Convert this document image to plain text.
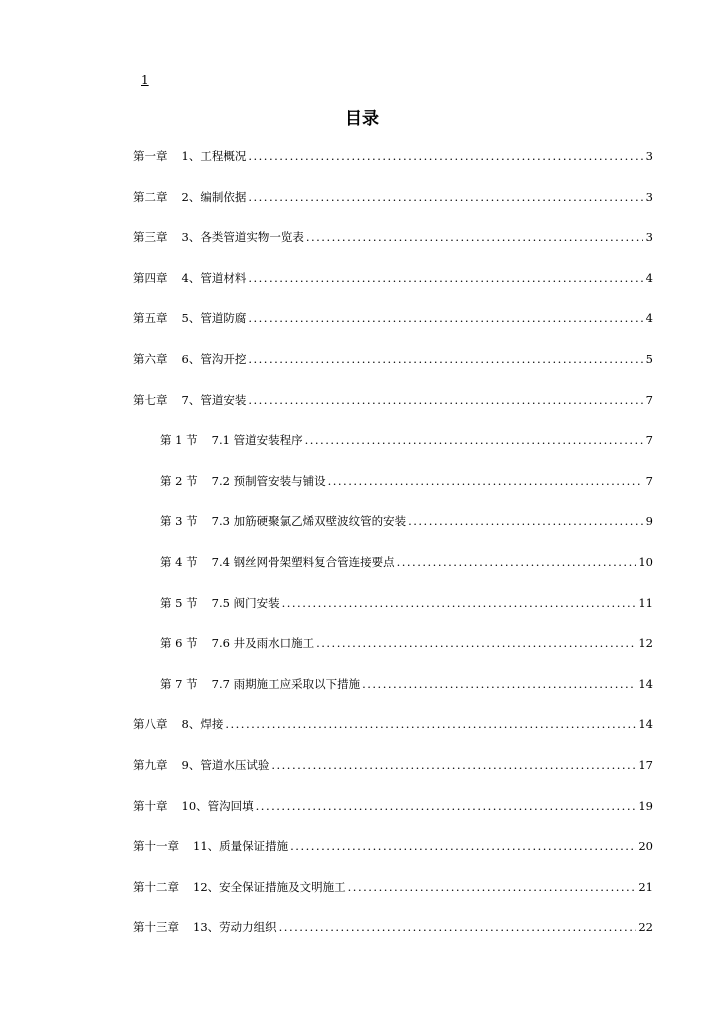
1
目录
第一章 1、工程概况 .....	3
第二章 2、编制依据 .....	3
第三章 3、各类管道实物一览表 .....	3
第四章 4、管道材料 .....	4
第五章 5、管道防腐 .....	4
第六章 6、管沟开挖 .....	5
第七章 7、管道安装 .....	7
第 1 节 7.1 管道安装程序 .....	7
第 2 节 7.2 预制管安装与铺设 .....	7
第 3 节 7.3 加筋硬聚氯乙烯双壁波纹管的安装 .....	9
第 4 节 7.4 钢丝网骨架塑料复合管连接要点 .....	10
第 5 节 7.5 阀门安装 .....	11
第 6 节 7.6 井及雨水口施工 .....	12
第 7 节 7.7 雨期施工应采取以下措施 .....	14
第八章 8、焊接 .....	14
第九章 9、管道水压试验 .....	17
第十章 10、管沟回填 .....	19
第十一章 11、质量保证措施 .....	20
第十二章 12、安全保证措施及文明施工 .....	21
第十三章 13、劳动力组织 .....	22
